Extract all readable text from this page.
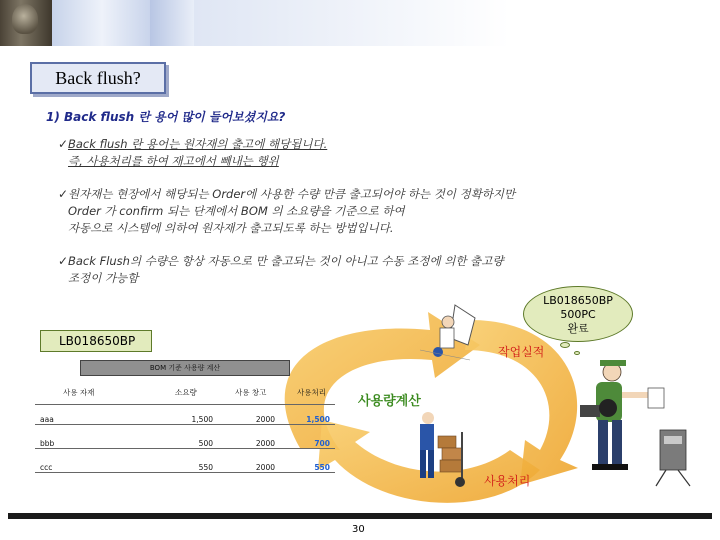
Back flush?
1) Back flush 란 용어 많이 들어보셨지요?
✓ Back flush 란 용어는 원자재의 출고에 해당됩니다.
즉, 사용처리를 하여 재고에서 빼내는 행위
✓ 원자재는 현장에서 해당되는 Order에 사용한 수량 만큼 출고되어야 하는 것이 정확하지만
Order 가 confirm 되는 단계에서 BOM 의 소요량을 기준으로 하여
자동으로 시스템에 의하여 원자재가 출고되도록 하는 방법입니다.
✓ Back Flush의 수량은 항상 자동으로 만 출고되는 것이 아니고 수동 조정에 의한 출고량
조정이 가능함
LB018650BP
500PC
완료
LB018650BP
작업실적
사용량계산
사용처리
BOM 기준 사용량 계산
사용 자재	소요량	사용 창고	사용처리
aaa	1,500	2000	1,500
bbb	500	2000	700
ccc	550	2000	550
30
